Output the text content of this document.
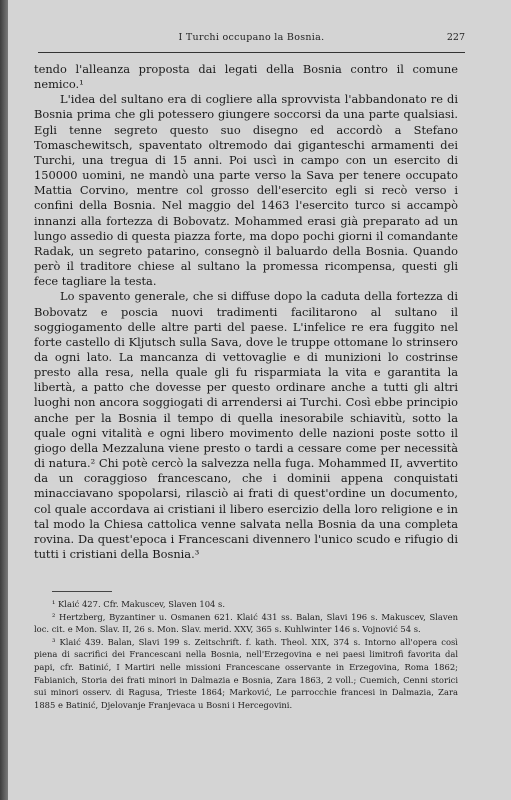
I Turchi occupano la Bosnia.	227

tendo l'alleanza proposta dai legati della Bosnia contro il comune nemico.¹

L'idea del sultano era di cogliere alla sprovvista l'abbandonato re di Bosnia prima che gli potessero giungere soccorsi da una parte qualsiasi. Egli tenne segreto questo suo disegno ed accordò a Stefano Tomaschewitsch, spaventato oltremodo dai giganteschi armamenti dei Turchi, una tregua di 15 anni. Poi uscì in campo con un esercito di 150000 uomini, ne mandò una parte verso la Sava per tenere occupato Mattia Corvino, mentre col grosso dell'esercito egli si recò verso i confini della Bosnia. Nel maggio del 1463 l'esercito turco si accampò innanzi alla fortezza di Bobovatz. Mohammed erasi già preparato ad un lungo assedio di questa piazza forte, ma dopo pochi giorni il comandante Radak, un segreto patarino, consegnò il baluardo della Bosnia. Quando però il traditore chiese al sultano la promessa ricompensa, questi gli fece tagliare la testa.

Lo spavento generale, che si diffuse dopo la caduta della fortezza di Bobovatz e poscia nuovi tradimenti facilitarono al sultano il soggiogamento delle altre parti del paese. L'infelice re era fuggito nel forte castello di Kljutsch sulla Sava, dove le truppe ottomane lo strinsero da ogni lato. La mancanza di vettovaglie e di munizioni lo costrinse presto alla resa, nella quale gli fu risparmiata la vita e garantita la libertà, a patto che dovesse per questo ordinare anche a tutti gli altri luoghi non ancora soggiogati di arrendersi ai Turchi. Così ebbe principio anche per la Bosnia il tempo di quella inesorabile schiavitù, sotto la quale ogni vitalità e ogni libero movimento delle nazioni poste sotto il giogo della Mezzaluna viene presto o tardi a cessare come per necessità di natura.² Chi potè cercò la salvezza nella fuga. Mohammed II, avvertito da un coraggioso francescano, che i dominii appena conquistati minacciavano spopolarsi, rilasciò ai frati di quest'ordine un documento, col quale accordava ai cristiani il libero esercizio della loro religione e in tal modo la Chiesa cattolica venne salvata nella Bosnia da una completa rovina. Da quest'epoca i Francescani divennero l'unico scudo e rifugio di tutti i cristiani della Bosnia.³

¹ Klaić 427. Cfr. Makuscev, Slaven 104 s.

² Hertzberg, Byzantiner u. Osmanen 621. Klaić 431 ss. Balan, Slavi 196 s. Makuscev, Slaven loc. cit. e Mon. Slav. II, 26 s. Mon. Slav. merid. XXV, 365 s. Kuhlwinter 146 s. Vojnović 54 s.

³ Klaić 439. Balan, Slavi 199 s. Zeitschrift. f. kath. Theol. XIX, 374 s. Intorno all'opera così piena di sacrifici dei Francescani nella Bosnia, nell'Erzegovina e nei paesi limitrofi favorita dal papi, cfr. Batinić, I Martiri nelle missioni Francescane osservante in Erzegovina, Roma 1862; Fabianich, Storia dei frati minori in Dalmazia e Bosnia, Zara 1863, 2 voll.; Cuemich, Cenni storici sui minori osserv. di Ragusa, Trieste 1864; Marković, Le parrocchie francesi in Dalmazia, Zara 1885 e Batinić, Djelovanje Franjevaca u Bosni i Hercegovini.
